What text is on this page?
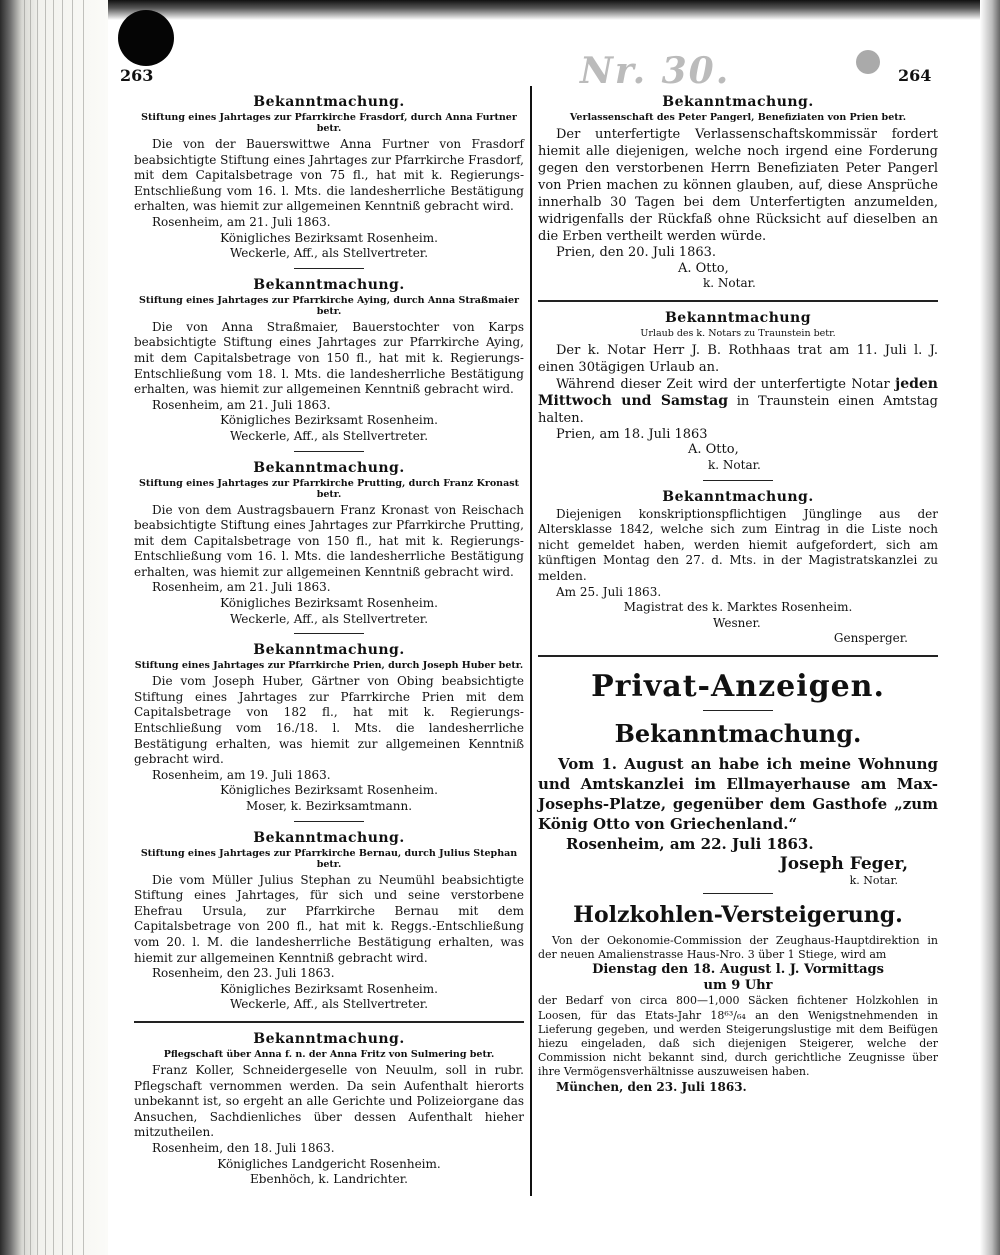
263	264
Nr. 30.
Bekanntmachung.
Stiftung eines Jahrtages zur Pfarrkirche Frasdorf, durch Anna Furtner betr.
Die von der Bauerswittwe Anna Furtner von Frasdorf beabsichtigte Stiftung eines Jahrtages zur Pfarrkirche Frasdorf, mit dem Capitalsbetrage von 75 fl., hat mit k. Regierungs-Entschließung vom 16. l. Mts. die landesherrliche Bestätigung erhalten, was hiemit zur allgemeinen Kenntniß gebracht wird.
Rosenheim, am 21. Juli 1863.
Königliches Bezirksamt Rosenheim.
Weckerle, Aff., als Stellvertreter.
Bekanntmachung.
Stiftung eines Jahrtages zur Pfarrkirche Aying, durch Anna Straßmaier betr.
Die von Anna Straßmaier, Bauerstochter von Karps beabsichtigte Stiftung eines Jahrtages zur Pfarrkirche Aying, mit dem Capitalsbetrage von 150 fl., hat mit k. Regierungs-Entschließung vom 18. l. Mts. die landesherrliche Bestätigung erhalten, was hiemit zur allgemeinen Kenntniß gebracht wird.
Rosenheim, am 21. Juli 1863.
Königliches Bezirksamt Rosenheim.
Weckerle, Aff., als Stellvertreter.
Bekanntmachung.
Stiftung eines Jahrtages zur Pfarrkirche Prutting, durch Franz Kronast betr.
Die von dem Austragsbauern Franz Kronast von Reischach beabsichtigte Stiftung eines Jahrtages zur Pfarrkirche Prutting, mit dem Capitalsbetrage von 150 fl., hat mit k. Regierungs-Entschließung vom 16. l. Mts. die landesherrliche Bestätigung erhalten, was hiemit zur allgemeinen Kenntniß gebracht wird.
Rosenheim, am 21. Juli 1863.
Königliches Bezirksamt Rosenheim.
Weckerle, Aff., als Stellvertreter.
Bekanntmachung.
Stiftung eines Jahrtages zur Pfarrkirche Prien, durch Joseph Huber betr.
Die vom Joseph Huber, Gärtner von Obing beabsichtigte Stiftung eines Jahrtages zur Pfarrkirche Prien mit dem Capitalsbetrage von 182 fl., hat mit k. Regierungs-Entschließung vom 16./18. l. Mts. die landesherrliche Bestätigung erhalten, was hiemit zur allgemeinen Kenntniß gebracht wird.
Rosenheim, am 19. Juli 1863.
Königliches Bezirksamt Rosenheim.
Moser, k. Bezirksamtmann.
Bekanntmachung.
Stiftung eines Jahrtages zur Pfarrkirche Bernau, durch Julius Stephan betr.
Die vom Müller Julius Stephan zu Neumühl beabsichtigte Stiftung eines Jahrtages, für sich und seine verstorbene Ehefrau Ursula, zur Pfarrkirche Bernau mit dem Capitalsbetrage von 200 fl., hat mit k. Reggs.-Entschließung vom 20. l. M. die landesherrliche Bestätigung erhalten, was hiemit zur allgemeinen Kenntniß gebracht wird.
Rosenheim, den 23. Juli 1863.
Königliches Bezirksamt Rosenheim.
Weckerle, Aff., als Stellvertreter.
Bekanntmachung.
Pflegschaft über Anna f. n. der Anna Fritz von Sulmering betr.
Franz Koller, Schneidergeselle von Neuulm, soll in rubr. Pflegschaft vernommen werden. Da sein Aufenthalt hierorts unbekannt ist, so ergeht an alle Gerichte und Polizeiorgane das Ansuchen, Sachdienliches über dessen Aufenthalt hieher mitzutheilen.
Rosenheim, den 18. Juli 1863.
Königliches Landgericht Rosenheim.
Ebenhöch, k. Landrichter.
Bekanntmachung.
Verlassenschaft des Peter Pangerl, Benefiziaten von Prien betr.
Der unterfertigte Verlassenschaftskommissär fordert hiemit alle diejenigen, welche noch irgend eine Forderung gegen den verstorbenen Herrn Benefiziaten Peter Pangerl von Prien machen zu können glauben, auf, diese Ansprüche innerhalb 30 Tagen bei dem Unterfertigten anzumelden, widrigenfalls der Rückfaß ohne Rücksicht auf dieselben an die Erben vertheilt werden würde.
Prien, den 20. Juli 1863.
A. Otto,
k. Notar.
Bekanntmachung
Urlaub des k. Notars zu Traunstein betr.
Der k. Notar Herr J. B. Rothhaas trat am 11. Juli l. J. einen 30tägigen Urlaub an.
Während dieser Zeit wird der unterfertigte Notar jeden Mittwoch und Samstag in Traunstein einen Amtstag halten.
Prien, am 18. Juli 1863
A. Otto,
k. Notar.
Bekanntmachung.
Diejenigen konskriptionspflichtigen Jünglinge aus der Altersklasse 1842, welche sich zum Eintrag in die Liste noch nicht gemeldet haben, werden hiemit aufgefordert, sich am künftigen Montag den 27. d. Mts. in der Magistratskanzlei zu melden.
Am 25. Juli 1863.
Magistrat des k. Marktes Rosenheim.
Wesner.
Gensperger.
Privat-Anzeigen.
Bekanntmachung.
Vom 1. August an habe ich meine Wohnung und Amtskanzlei im Ellmayerhause am Max-Josephs-Platze, gegenüber dem Gasthofe „zum König Otto von Griechenland.“
Rosenheim, am 22. Juli 1863.
Joseph Feger,
k. Notar.
Holzkohlen-Versteigerung.
Von der Oekonomie-Commission der Zeughaus-Hauptdirektion in der neuen Amalienstrasse Haus-Nro. 3 über 1 Stiege, wird am
Dienstag den 18. August l. J. Vormittags
um 9 Uhr
der Bedarf von circa 800—1,000 Säcken fichtener Holzkohlen in Loosen, für das Etats-Jahr 18⁶³/₆₄ an den Wenigstnehmenden in Lieferung gegeben, und werden Steigerungslustige mit dem Beifügen hiezu eingeladen, daß sich diejenigen Steigerer, welche der Commission nicht bekannt sind, durch gerichtliche Zeugnisse über ihre Vermögensverhältnisse auszuweisen haben.
München, den 23. Juli 1863.
